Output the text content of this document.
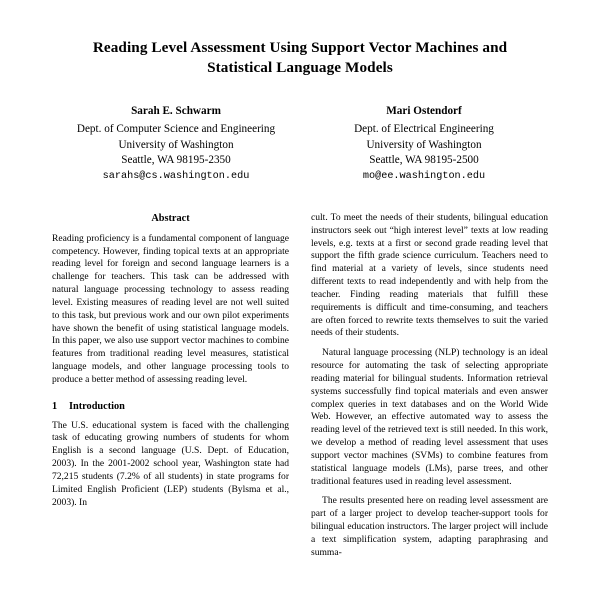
Reading Level Assessment Using Support Vector Machines and Statistical Language Models
Sarah E. Schwarm
Dept. of Computer Science and Engineering
University of Washington
Seattle, WA 98195-2350
sarahs@cs.washington.edu
Mari Ostendorf
Dept. of Electrical Engineering
University of Washington
Seattle, WA 98195-2500
mo@ee.washington.edu
Abstract

Reading proficiency is a fundamental component of language competency. However, finding topical texts at an appropriate reading level for foreign and second language learners is a challenge for teachers. This task can be addressed with natural language processing technology to assess reading level. Existing measures of reading level are not well suited to this task, but previous work and our own pilot experiments have shown the benefit of using statistical language models. In this paper, we also use support vector machines to combine features from traditional reading level measures, statistical language models, and other language processing tools to produce a better method of assessing reading level.

1 Introduction

The U.S. educational system is faced with the challenging task of educating growing numbers of students for whom English is a second language (U.S. Dept. of Education, 2003). In the 2001-2002 school year, Washington state had 72,215 students (7.2% of all students) in state programs for Limited English Proficient (LEP) students (Bylsma et al., 2003). In

cult. To meet the needs of their students, bilingual education instructors seek out “high interest level” texts at low reading levels, e.g. texts at a first or second grade reading level that support the fifth grade science curriculum. Teachers need to find material at a variety of levels, since students need different texts to read independently and with help from the teacher. Finding reading materials that fulfill these requirements is difficult and time-consuming, and teachers are often forced to rewrite texts themselves to suit the varied needs of their students.

Natural language processing (NLP) technology is an ideal resource for automating the task of selecting appropriate reading material for bilingual students. Information retrieval systems successfully find topical materials and even answer complex queries in text databases and on the World Wide Web. However, an effective automated way to assess the reading level of the retrieved text is still needed. In this work, we develop a method of reading level assessment that uses support vector machines (SVMs) to combine features from statistical language models (LMs), parse trees, and other traditional features used in reading level assessment.

The results presented here on reading level assessment are part of a larger project to develop teacher-support tools for bilingual education instructors. The larger project will include a text simplification system, adapting paraphrasing and summa-
